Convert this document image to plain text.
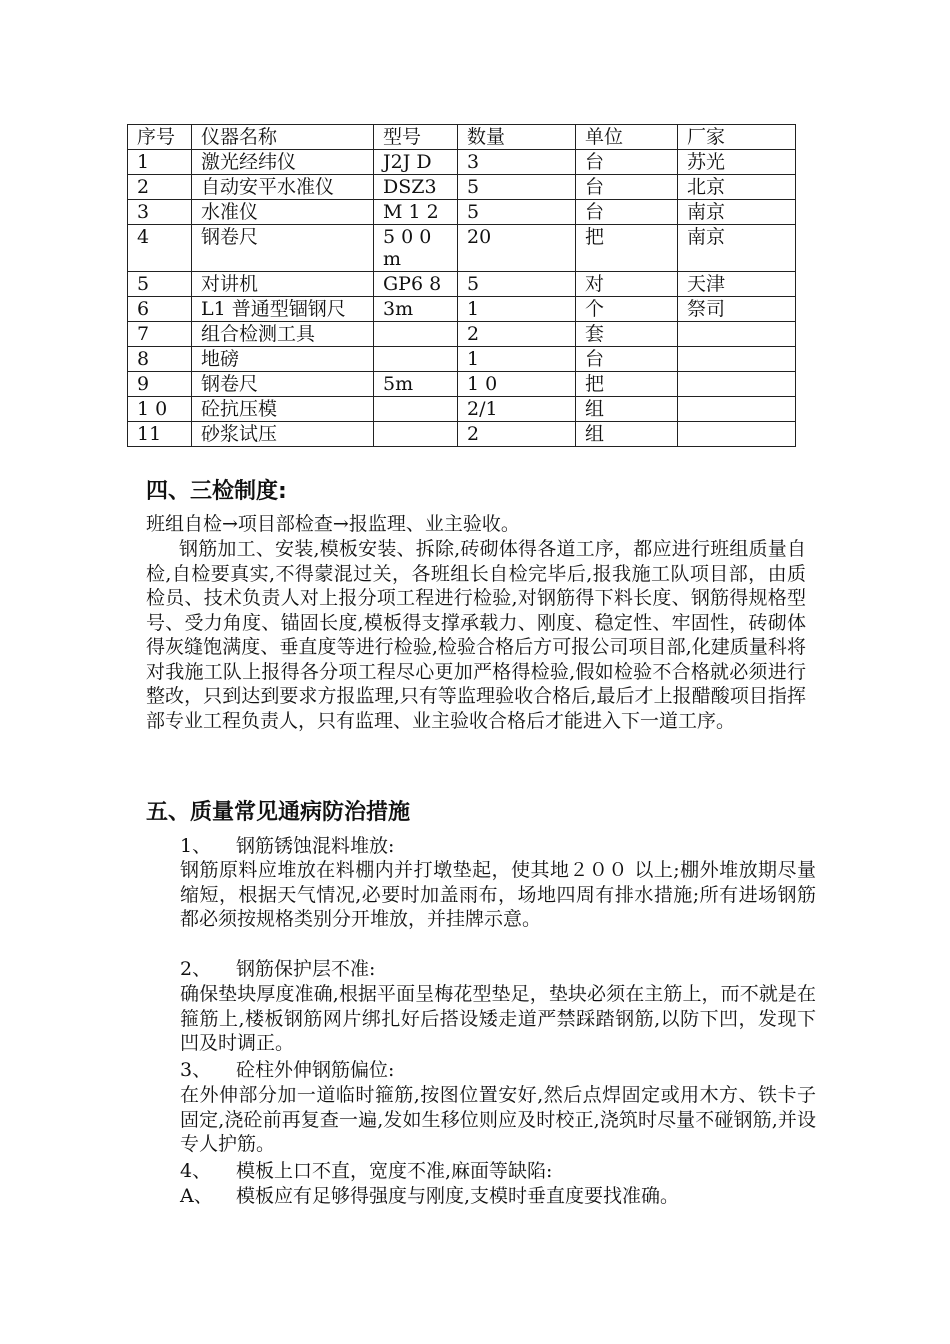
序号	仪器名称	型号	数量	单位	厂家
1	激光经纬仪	J2J D	3	台	苏光
2	自动安平水准仪	DSZ3	5	台	北京
3	水准仪	M 1 2	5	台	南京
4	钢卷尺	5 0 0 m	20	把	南京
5	对讲机	GP6 8	5	对	天津
6	L1 普通型锢钢尺	3m	1	个	祭司
7	组合检测工具		2	套	
8	地磅		1	台	
9	钢卷尺	5m	1 0	把	
1 0	砼抗压模		2/1	组	
11	砂浆试压		2	组	
四、三检制度:

班组自检→项目部检查→报监理、业主验收。

钢筋加工、安装,模板安装、拆除,砖砌体得各道工序，都应进行班组质量自检,自检要真实,不得蒙混过关，各班组长自检完毕后,报我施工队项目部，由质检员、技术负责人对上报分项工程进行检验,对钢筋得下料长度、钢筋得规格型号、受力角度、锚固长度,模板得支撑承载力、刚度、稳定性、牢固性，砖砌体得灰缝饱满度、垂直度等进行检验,检验合格后方可报公司项目部,化建质量科将对我施工队上报得各分项工程尽心更加严格得检验,假如检验不合格就必须进行整改，只到达到要求方报监理,只有等监理验收合格后,最后才上报醋酸项目指挥部专业工程负责人，只有监理、业主验收合格后才能进入下一道工序。

五、质量常见通病防治措施
1、 钢筋锈蚀混料堆放:

钢筋原料应堆放在料棚内并打墩垫起，使其地２００ 以上;棚外堆放期尽量缩短，根据天气情况,必要时加盖雨布，场地四周有排水措施;所有进场钢筋都必须按规格类别分开堆放，并挂牌示意。

2、 钢筋保护层不准:

确保垫块厚度准确,根据平面呈梅花型垫足，垫块必须在主筋上，而不就是在箍筋上,楼板钢筋网片绑扎好后搭设矮走道严禁踩踏钢筋,以防下凹，发现下凹及时调正。

3、 砼柱外伸钢筋偏位:

在外伸部分加一道临时箍筋,按图位置安好,然后点焊固定或用木方、铁卡子固定,浇砼前再复查一遍,发如生移位则应及时校正,浇筑时尽量不碰钢筋,并设专人护筋。

4、 模板上口不直，宽度不准,麻面等缺陷:
A、 模板应有足够得强度与刚度,支模时垂直度要找准确。
